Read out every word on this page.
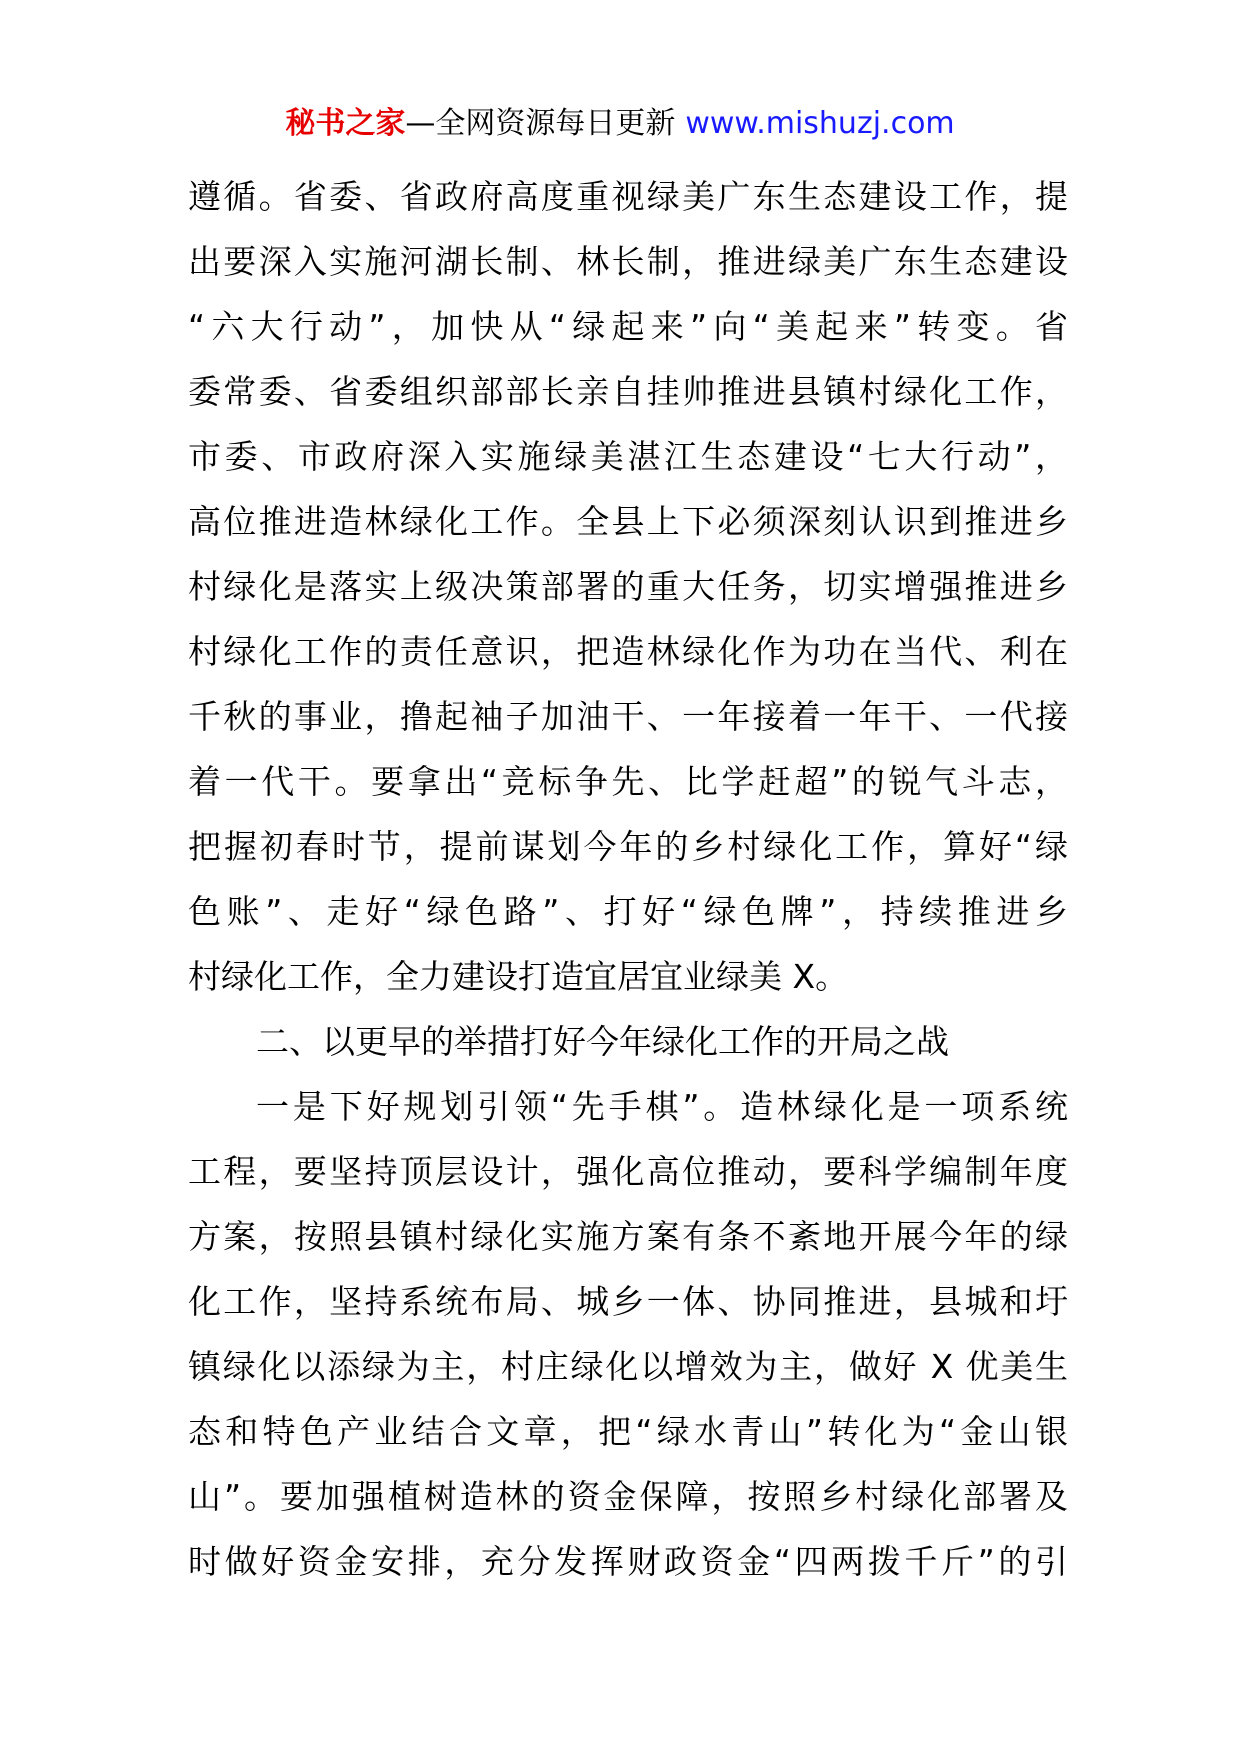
秘书之家—全网资源每日更新 www.mishuzj.com
遵循。省委、省政府高度重视绿美广东生态建设工作，提
出要深入实施河湖长制、林长制，推进绿美广东生态建设
“六大行动”，加快从“绿起来”向“美起来”转变。省
委常委、省委组织部部长亲自挂帅推进县镇村绿化工作，
市委、市政府深入实施绿美湛江生态建设“七大行动”，
高位推进造林绿化工作。全县上下必须深刻认识到推进乡
村绿化是落实上级决策部署的重大任务，切实增强推进乡
村绿化工作的责任意识，把造林绿化作为功在当代、利在
千秋的事业，撸起袖子加油干、一年接着一年干、一代接
着一代干。要拿出“竞标争先、比学赶超”的锐气斗志，
把握初春时节，提前谋划今年的乡村绿化工作，算好“绿
色账”、走好“绿色路”、打好“绿色牌”，持续推进乡
村绿化工作，全力建设打造宜居宜业绿美 X。
二、以更早的举措打好今年绿化工作的开局之战
一是下好规划引领“先手棋”。造林绿化是一项系统
工程，要坚持顶层设计，强化高位推动，要科学编制年度
方案，按照县镇村绿化实施方案有条不紊地开展今年的绿
化工作，坚持系统布局、城乡一体、协同推进，县城和圩
镇绿化以添绿为主，村庄绿化以增效为主，做好 X 优美生
态和特色产业结合文章，把“绿水青山”转化为“金山银
山”。要加强植树造林的资金保障，按照乡村绿化部署及
时做好资金安排，充分发挥财政资金“四两拨千斤”的引
